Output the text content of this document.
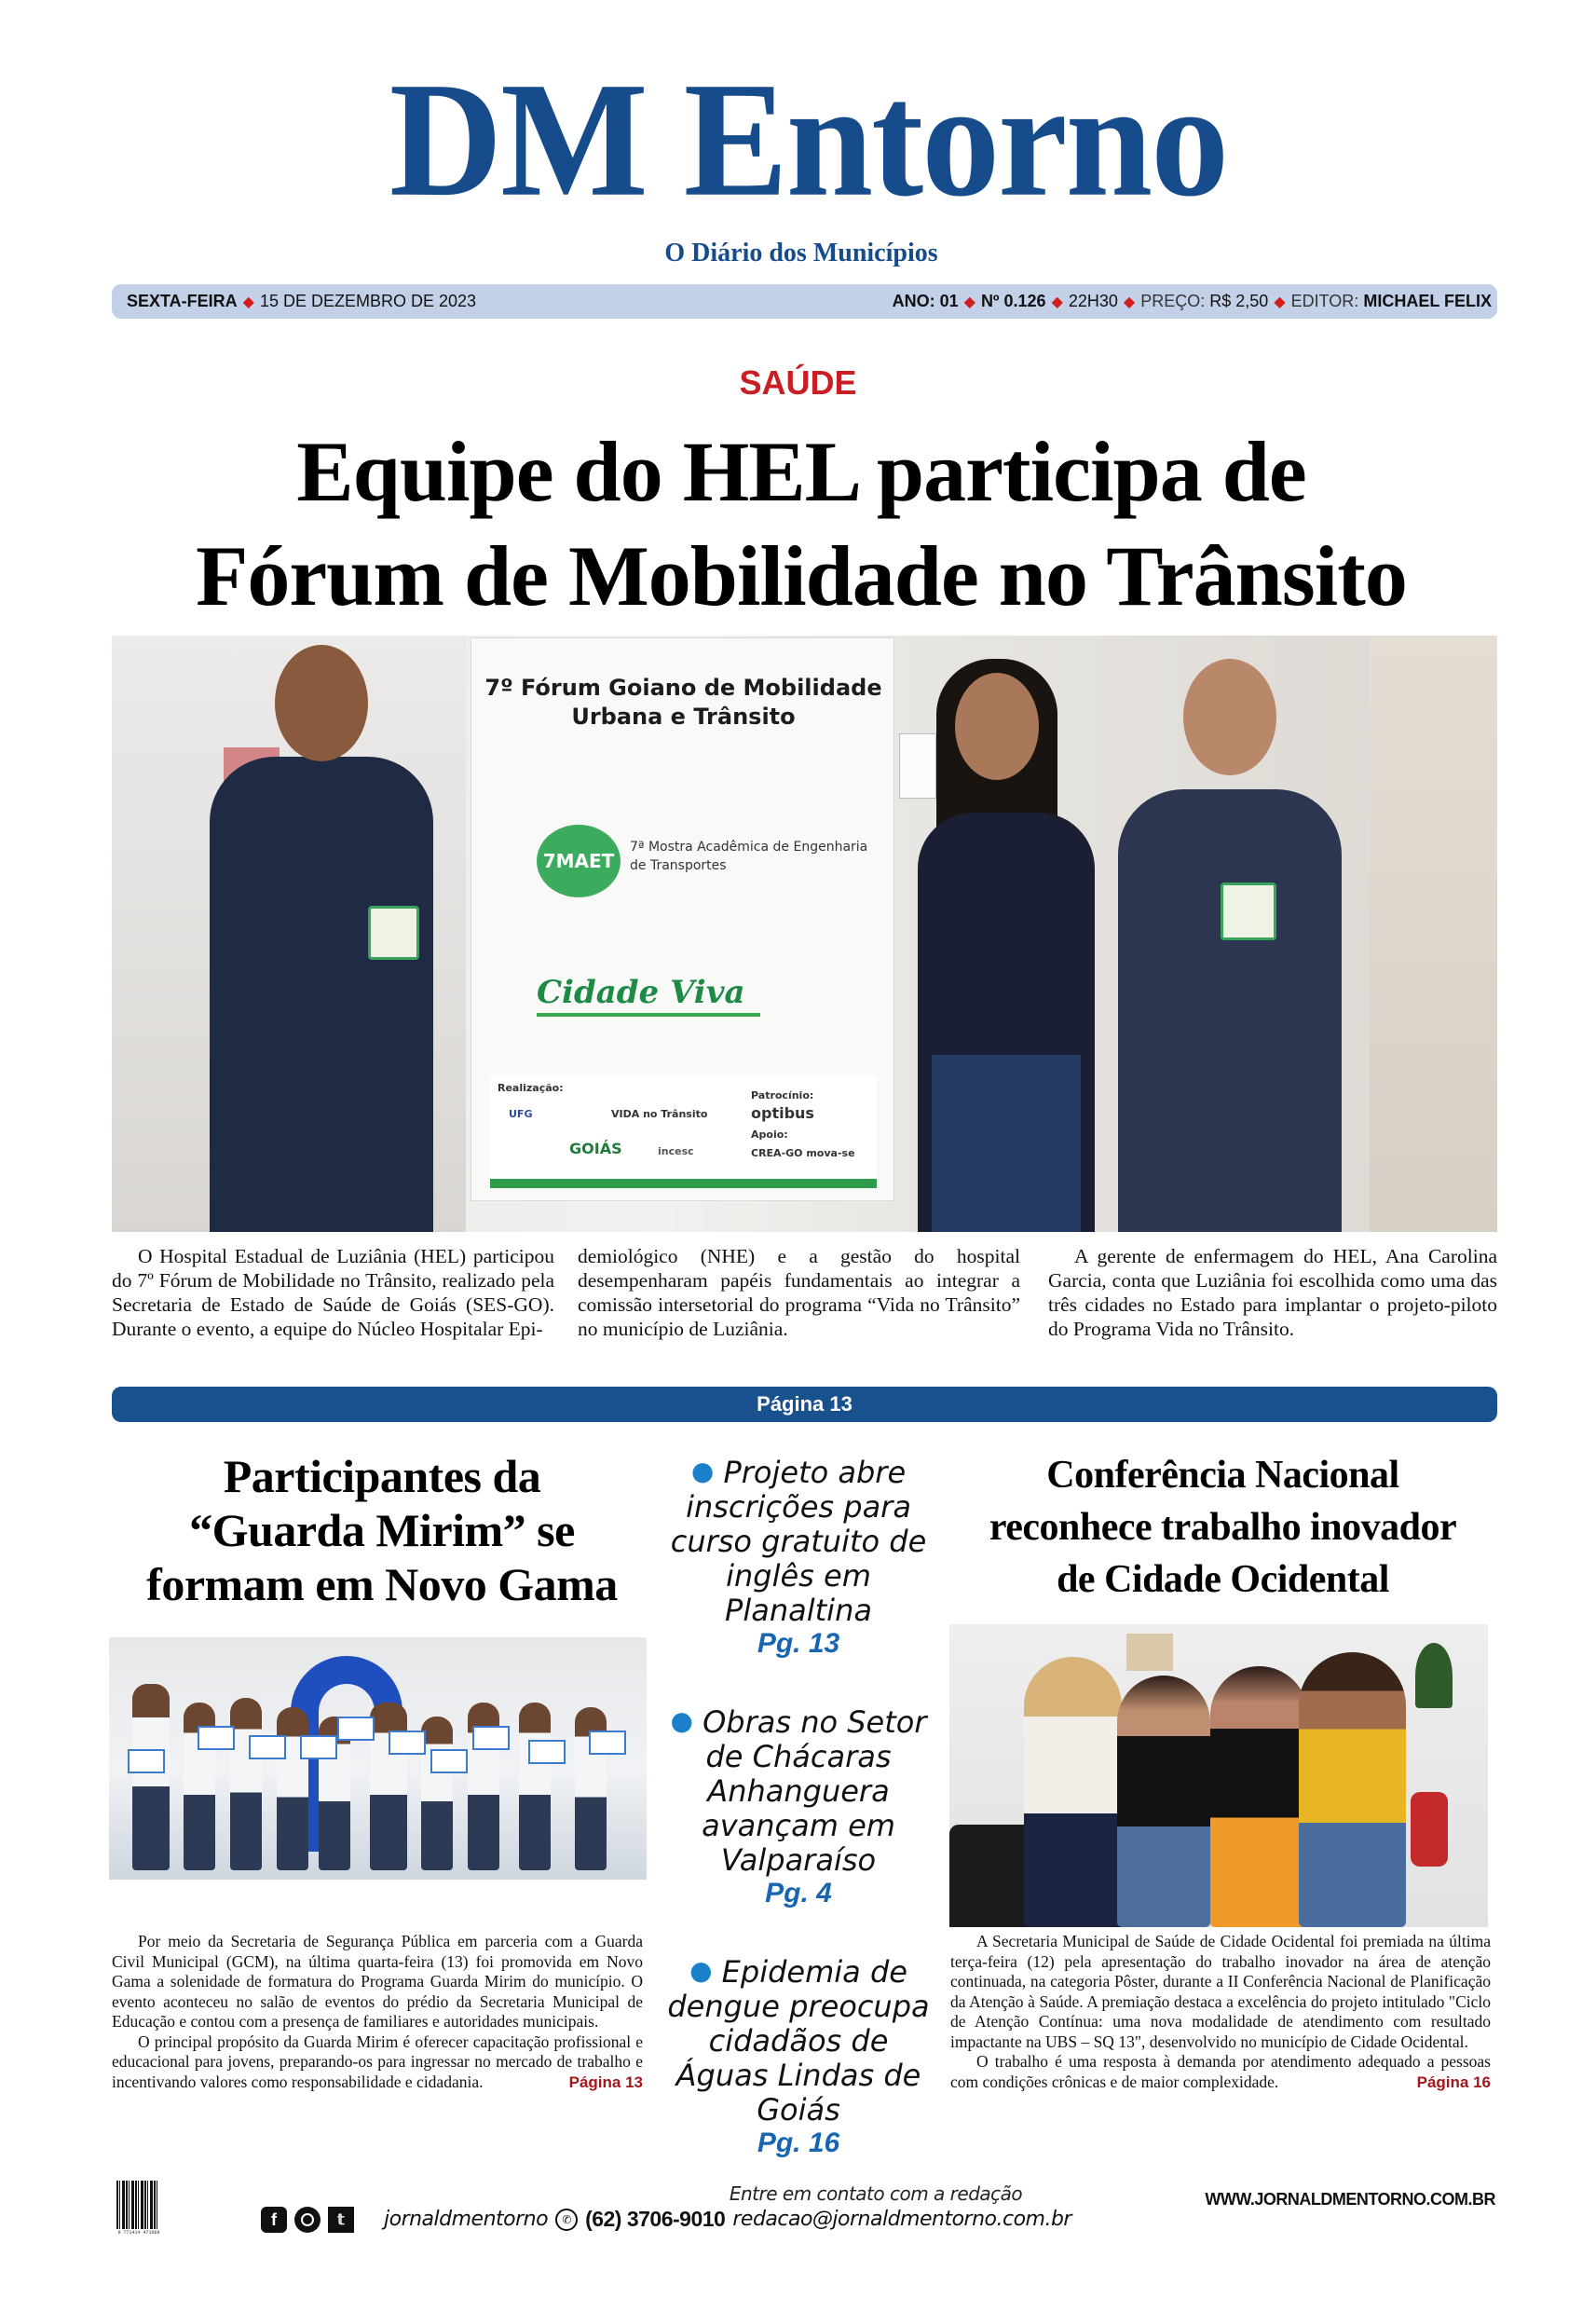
DM Entorno
O Diário dos Municípios
SEXTA-FEIRA ◆ 15 DE DEZEMBRO DE 2023	ANO: 01 ◆ Nº 0.126 ◆ 22H30 ◆ PREÇO: R$ 2,50 ◆ EDITOR: MICHAEL FELIX
SAÚDE
Equipe do HEL participa de
Fórum de Mobilidade no Trânsito
7º Fórum Goiano de Mobilidade Urbana e Trânsito
7MAET
7ª Mostra Acadêmica de Engenharia de Transportes
Cidade Viva
Realização:
UFG	VIDA no Trânsito
GOIÁS	incesc
Patrocínio:
optibus
Apoio:
CREA-GO mova-se
O Hospital Estadual de Luziânia (HEL) participou do 7º Fórum de Mobilidade no Trânsito, realizado pela Secretaria de Estado de Saúde de Goiás (SES-GO). Durante o evento, a equipe do Núcleo Hospitalar Epi-
demiológico (NHE) e a gestão do hospital desempenharam papéis fundamentais ao integrar a comissão intersetorial do programa “Vida no Trânsito” no município de Luziânia.
A gerente de enfermagem do HEL, Ana Carolina Garcia, conta que Luziânia foi escolhida como uma das três cidades no Estado para implantar o projeto-piloto do Programa Vida no Trânsito.
Página 13
Participantes da
“Guarda Mirim” se
formam em Novo Gama

Por meio da Secretaria de Segurança Pública em parceria com a Guarda Civil Municipal (GCM), na última quarta-feira (13) foi promovida em Novo Gama a solenidade de formatura do Programa Guarda Mirim do município. O evento aconteceu no salão de eventos do prédio da Secretaria Municipal de Educação e contou com a presença de familiares e autoridades municipais.

O principal propósito da Guarda Mirim é oferecer capacitação profissional e educacional para jovens, preparando-os para ingressar no mercado de trabalho e incentivando valores como responsabilidade e cidadania.	Página 13

● Projeto abre inscrições para curso gratuito de inglês em Planaltina
Pg. 13
● Obras no Setor de Chácaras Anhanguera avançam em Valparaíso
Pg. 4
● Epidemia de dengue preocupa cidadãos de Águas Lindas de Goiás
Pg. 16
Conferência Nacional
reconhece trabalho inovador
de Cidade Ocidental

A Secretaria Municipal de Saúde de Cidade Ocidental foi premiada na última terça-feira (12) pela apresentação do trabalho inovador na área de atenção continuada, na categoria Pôster, durante a II Conferência Nacional de Planificação da Atenção à Saúde. A premiação destaca a excelência do projeto intitulado "Ciclo de Atenção Contínua: uma nova modalidade de atendimento com resultado impactante na UBS – SQ 13", desenvolvido no município de Cidade Ocidental.

O trabalho é uma resposta à demanda por atendimento adequado a pessoas com condições crônicas e de maior complexidade.	Página 16

9 771414 471008
f	𝕥
Entre em contato com a redação
jornaldmentorno	✆ (62) 3706-9010 redacao@jornaldmentorno.com.br
WWW.JORNALDMENTORNO.COM.BR
